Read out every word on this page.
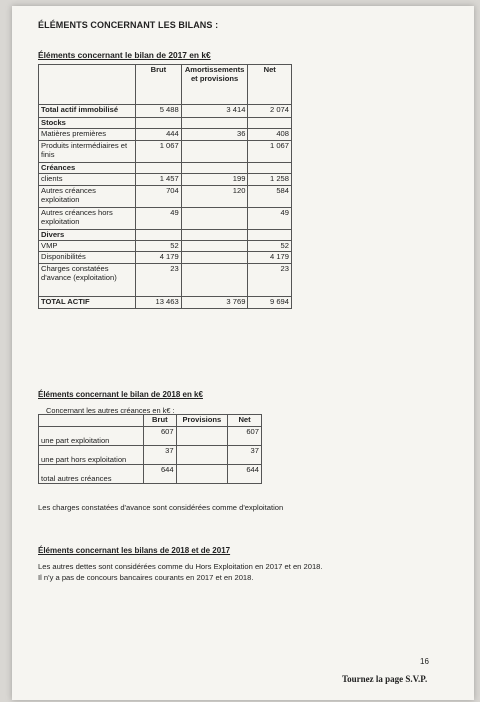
ÉLÉMENTS CONCERNANT LES BILANS :
Éléments concernant le bilan de 2017 en k€
	Brut	Amortissements et provisions	Net
Total actif immobilisé	5 488	3 414	2 074
Stocks			
Matières premières	444	36	408
Produits intermédiaires et finis	1 067		1 067
Créances			
clients	1 457	199	1 258
Autres créances exploitation	704	120	584
Autres créances hors exploitation	49		49
Divers			
VMP	52		52
Disponibilités	4 179		4 179
Charges constatées d'avance (exploitation)	23		23
TOTAL ACTIF	13 463	3 769	9 694
Éléments concernant le bilan de 2018 en k€
Concernant les autres créances en k€ :
	Brut	Provisions	Net
une part exploitation	607		607
une part hors exploitation	37		37
total autres créances	644		644
Les charges constatées d'avance sont considérées comme d'exploitation
Éléments concernant les bilans de 2018 et de 2017
Les autres dettes sont considérées comme du Hors Exploitation en 2017 et en 2018.
Il n'y a pas de concours bancaires courants en 2017 et en 2018.
16
Tournez la page S.V.P.
